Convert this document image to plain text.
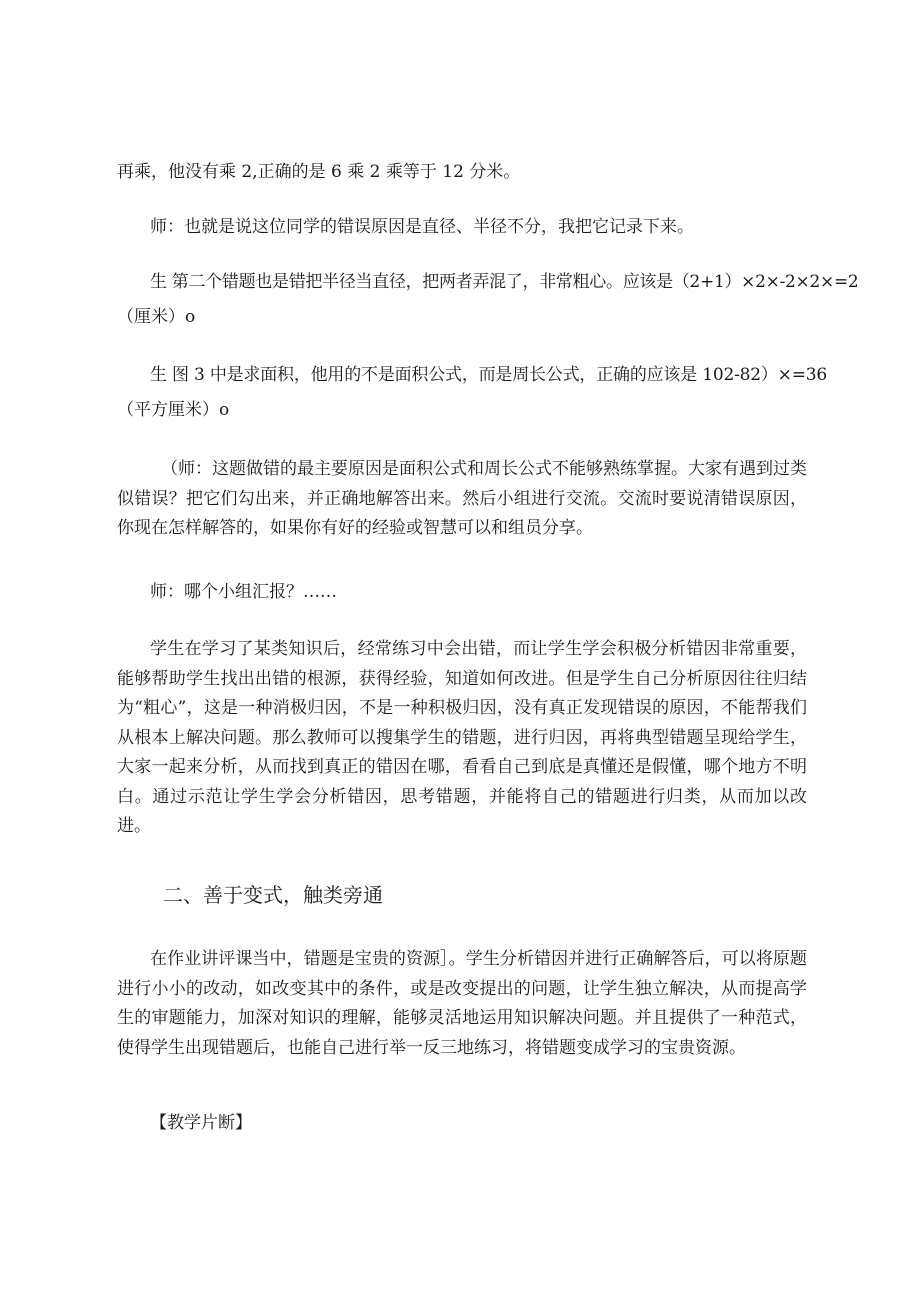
再乘，他没有乘 2,正确的是 6 乘 2 乘等于 12 分米。
师：也就是说这位同学的错误原因是直径、半径不分，我把它记录下来。
生 第二个错题也是错把半径当直径，把两者弄混了，非常粗心。应该是（2+1）×2×-2×2×=2
（厘米）o
生 图 3 中是求面积，他用的不是面积公式，而是周长公式，正确的应该是 102-82）×=36
（平方厘米）o
（师：这题做错的最主要原因是面积公式和周长公式不能够熟练掌握。大家有遇到过类似错误？把它们勾出来，并正确地解答出来。然后小组进行交流。交流时要说清错误原因，你现在怎样解答的，如果你有好的经验或智慧可以和组员分享。
师：哪个小组汇报？……
学生在学习了某类知识后，经常练习中会出错，而让学生学会积极分析错因非常重要，能够帮助学生找出出错的根源，获得经验，知道如何改进。但是学生自己分析原因往往归结为“粗心”，这是一种消极归因，不是一种积极归因，没有真正发现错误的原因，不能帮我们从根本上解决问题。那么教师可以搜集学生的错题，进行归因，再将典型错题呈现给学生，大家一起来分析，从而找到真正的错因在哪，看看自己到底是真懂还是假懂，哪个地方不明白。通过示范让学生学会分析错因，思考错题，并能将自己的错题进行归类，从而加以改进。
二、善于变式，触类旁通
在作业讲评课当中，错题是宝贵的资源］。学生分析错因并进行正确解答后，可以将原题进行小小的改动，如改变其中的条件，或是改变提出的问题，让学生独立解决，从而提高学生的审题能力，加深对知识的理解，能够灵活地运用知识解决问题。并且提供了一种范式，使得学生出现错题后，也能自己进行举一反三地练习，将错题变成学习的宝贵资源。
【教学片断】
